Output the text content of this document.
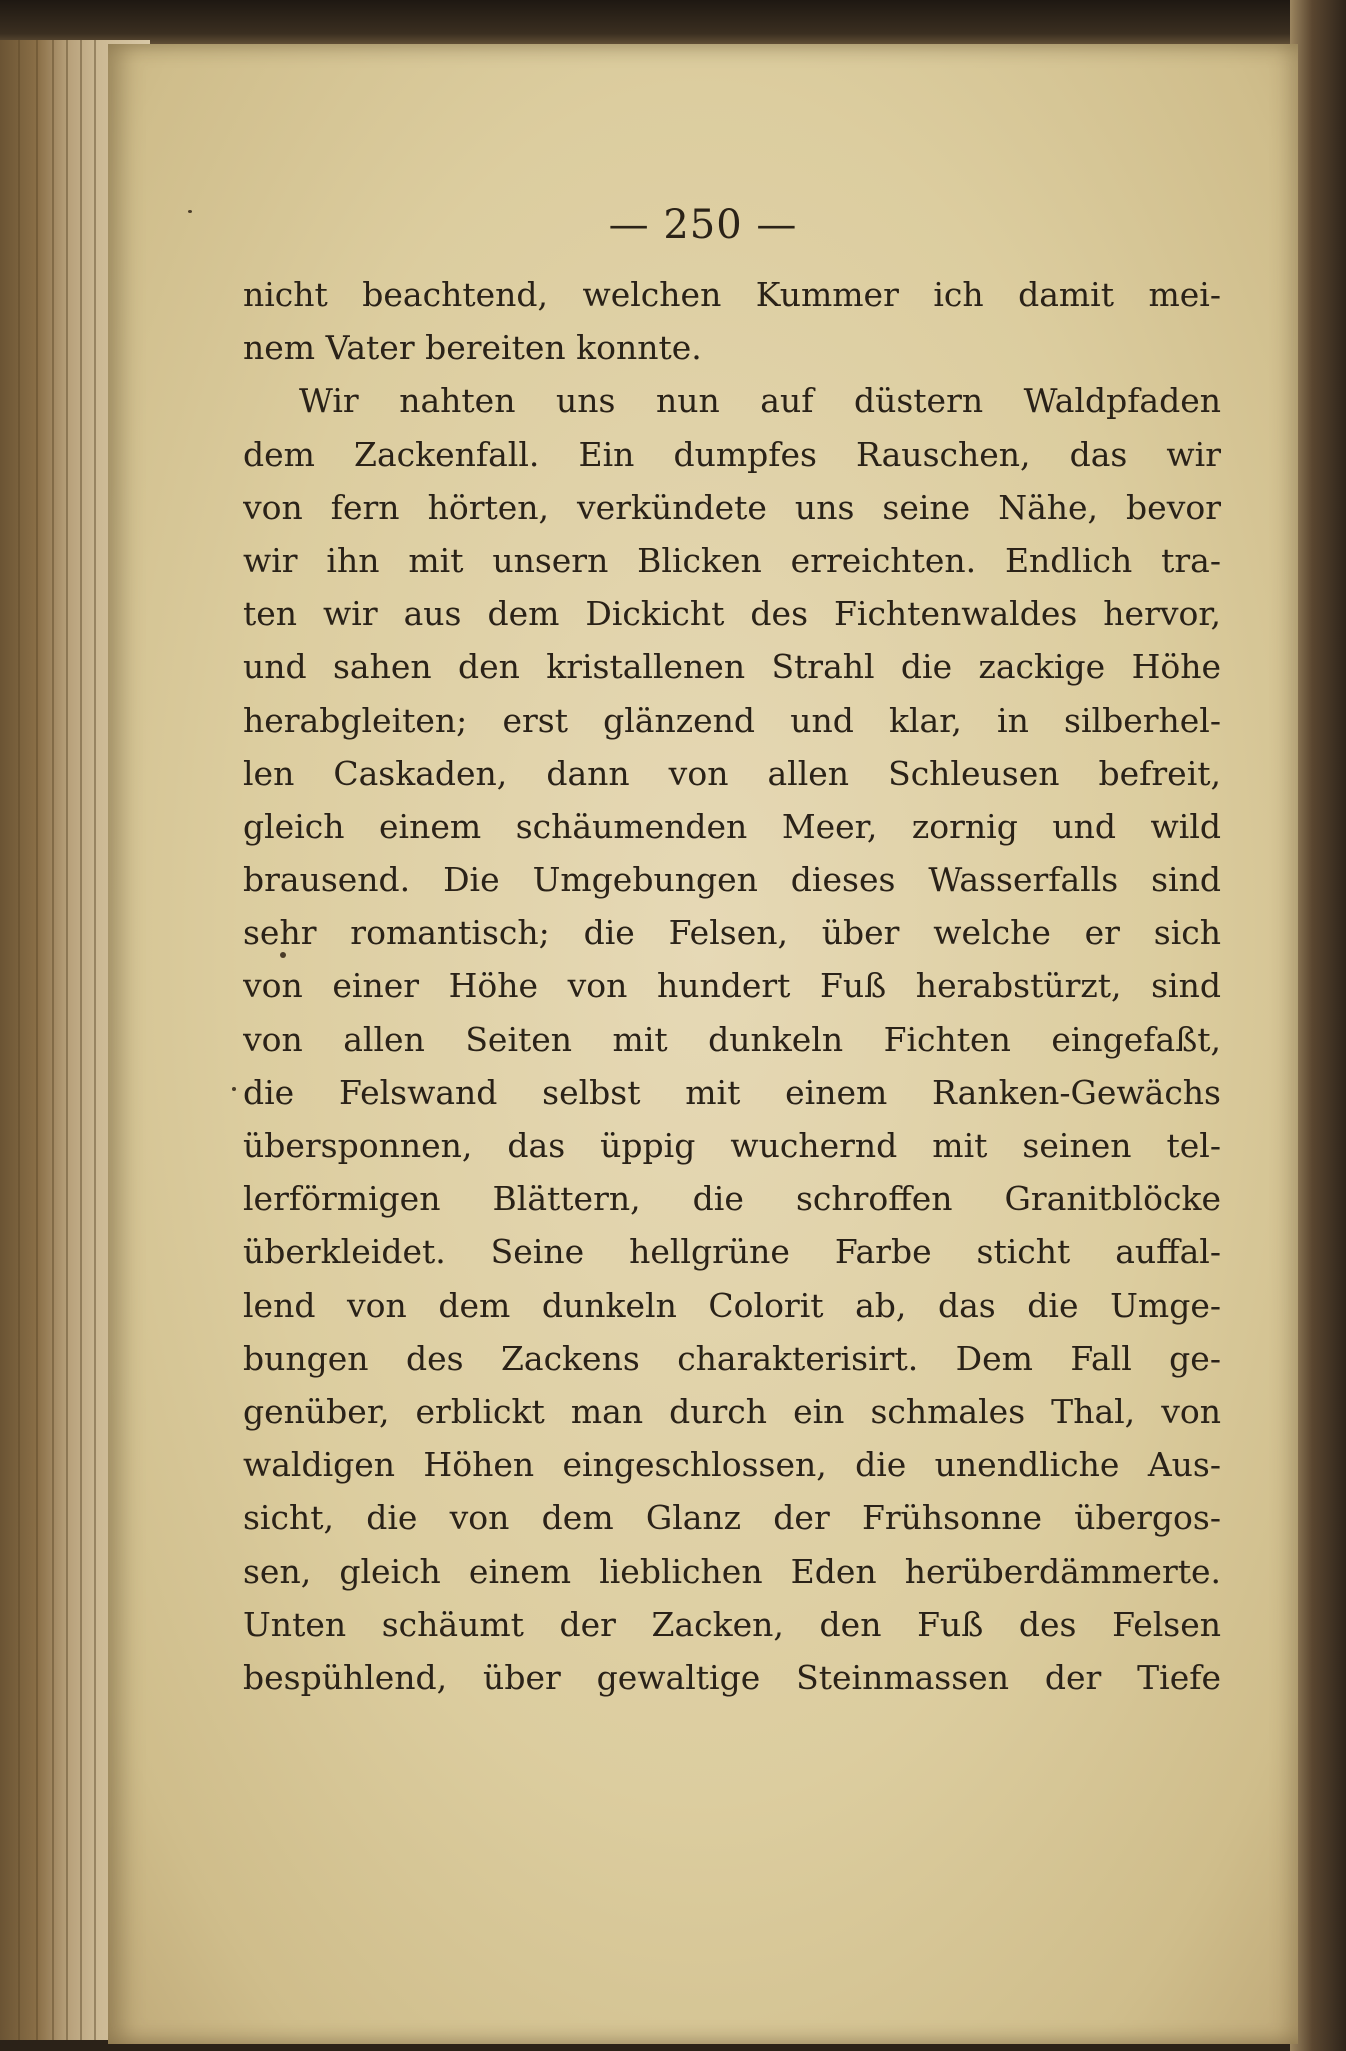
— 250 —
nicht beachtend, welchen Kummer ich damit mei-
nem Vater bereiten konnte.
Wir nahten uns nun auf düstern Waldpfaden
dem Zackenfall. Ein dumpfes Rauschen, das wir
von fern hörten, verkündete uns seine Nähe, bevor
wir ihn mit unsern Blicken erreichten. Endlich tra-
ten wir aus dem Dickicht des Fichtenwaldes hervor,
und sahen den kristallenen Strahl die zackige Höhe
herabgleiten; erst glänzend und klar, in silberhel-
len Caskaden, dann von allen Schleusen befreit,
gleich einem schäumenden Meer, zornig und wild
brausend. Die Umgebungen dieses Wasserfalls sind
sehr romantisch; die Felsen, über welche er sich
von einer Höhe von hundert Fuß herabstürzt, sind
von allen Seiten mit dunkeln Fichten eingefaßt,
die Felswand selbst mit einem Ranken-Gewächs
übersponnen, das üppig wuchernd mit seinen tel-
lerförmigen Blättern, die schroffen Granitblöcke
überkleidet. Seine hellgrüne Farbe sticht auffal-
lend von dem dunkeln Colorit ab, das die Umge-
bungen des Zackens charakterisirt. Dem Fall ge-
genüber, erblickt man durch ein schmales Thal, von
waldigen Höhen eingeschlossen, die unendliche Aus-
sicht, die von dem Glanz der Frühsonne übergos-
sen, gleich einem lieblichen Eden herüberdämmerte.
Unten schäumt der Zacken, den Fuß des Felsen
bespühlend, über gewaltige Steinmassen der Tiefe
